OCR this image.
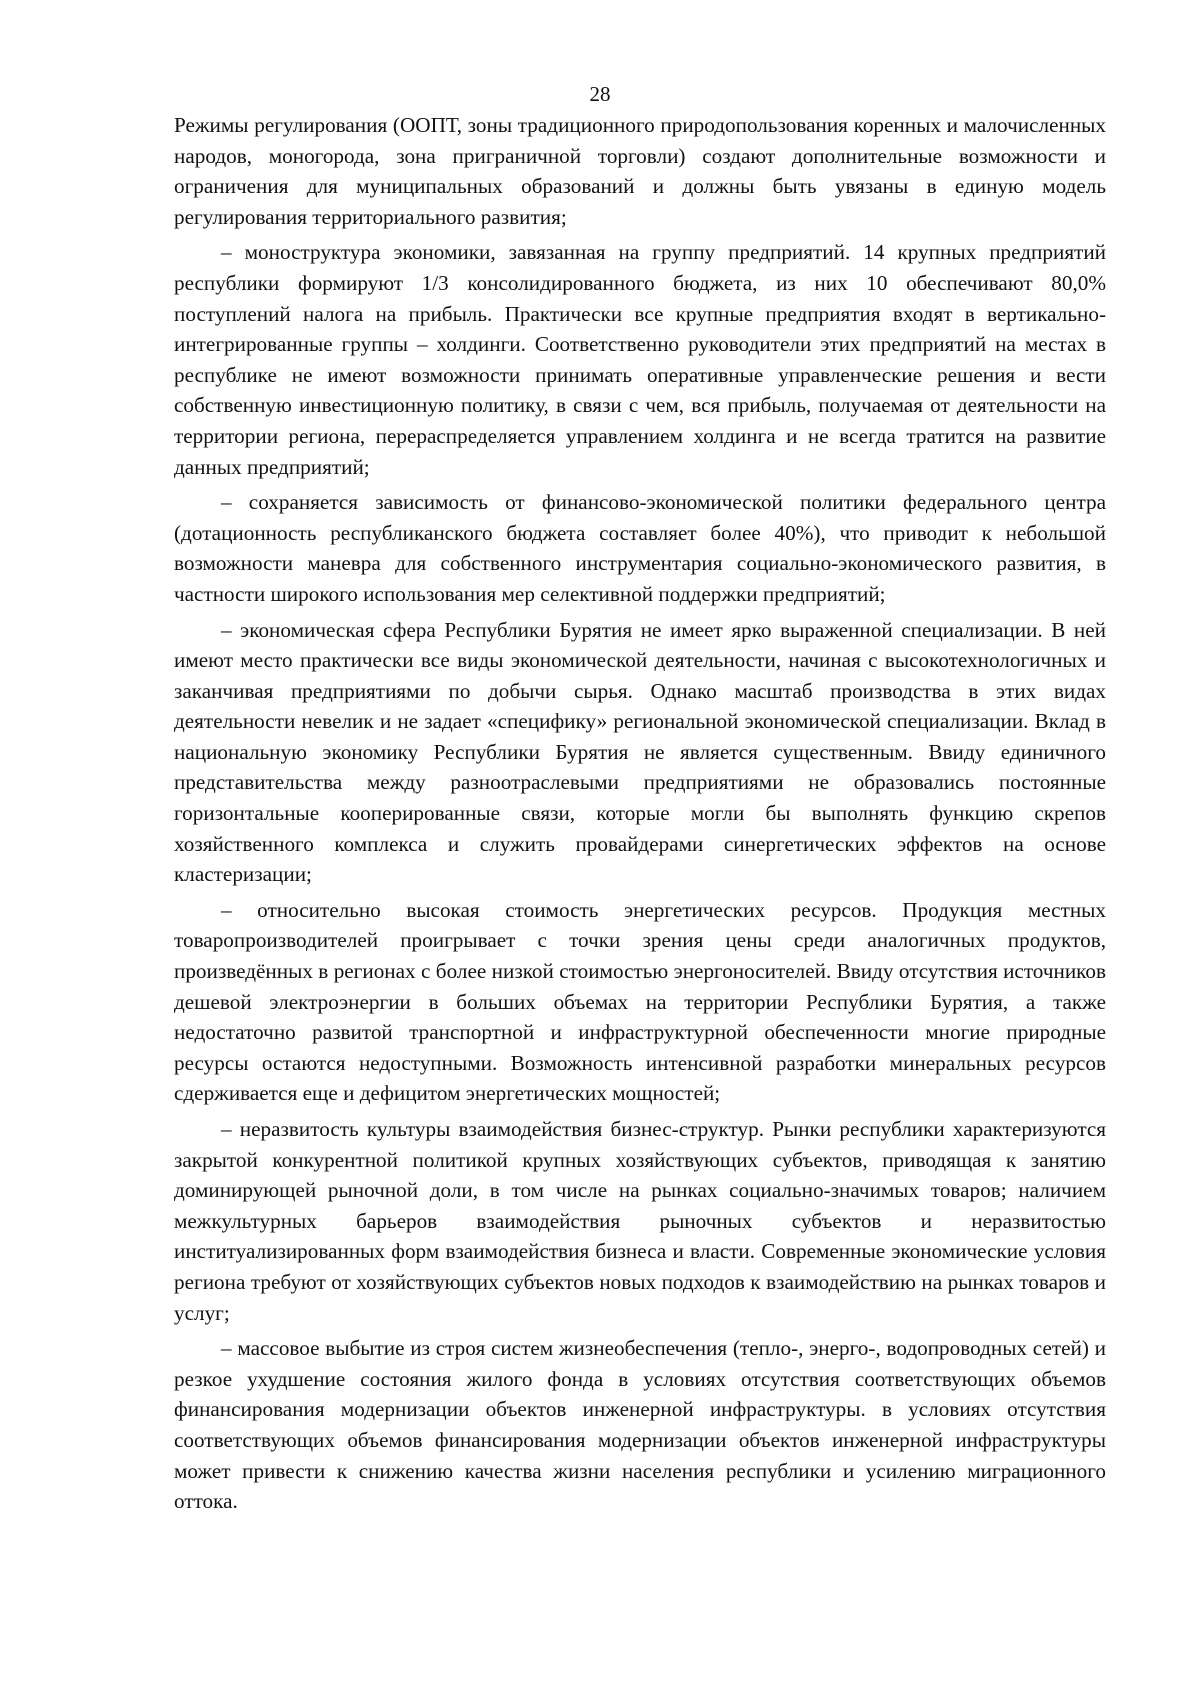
28

Режимы регулирования (ООПТ, зоны традиционного природопользования коренных и малочисленных народов, моногорода, зона приграничной торговли) создают дополнительные возможности и ограничения для муниципальных образований и должны быть увязаны в единую модель регулирования территориального развития;

– моноструктура экономики, завязанная на группу предприятий. 14 крупных предприятий республики формируют 1/3 консолидированного бюджета, из них 10 обеспечивают 80,0% поступлений налога на прибыль. Практически все крупные предприятия входят в вертикально-интегрированные группы – холдинги. Соответственно руководители этих предприятий на местах в республике не имеют возможности принимать оперативные управленческие решения и вести собственную инвестиционную политику, в связи с чем, вся прибыль, получаемая от деятельности на территории региона, перераспределяется управлением холдинга и не всегда тратится на развитие данных предприятий;

– сохраняется зависимость от финансово-экономической политики федерального центра (дотационность республиканского бюджета составляет более 40%), что приводит к небольшой возможности маневра для собственного инструментария социально-экономического развития, в частности широкого использования мер селективной поддержки предприятий;

– экономическая сфера Республики Бурятия не имеет ярко выраженной специализации. В ней имеют место практически все виды экономической деятельности, начиная с высокотехнологичных и заканчивая предприятиями по добычи сырья. Однако масштаб производства в этих видах деятельности невелик и не задает «специфику» региональной экономической специализации. Вклад в национальную экономику Республики Бурятия не является существенным. Ввиду единичного представительства между разноотраслевыми предприятиями не образовались постоянные горизонтальные кооперированные связи, которые могли бы выполнять функцию скрепов хозяйственного комплекса и служить провайдерами синергетических эффектов на основе кластеризации;

– относительно высокая стоимость энергетических ресурсов. Продукция местных товаропроизводителей проигрывает с точки зрения цены среди аналогичных продуктов, произведённых в регионах с более низкой стоимостью энергоносителей. Ввиду отсутствия источников дешевой электроэнергии в больших объемах на территории Республики Бурятия, а также недостаточно развитой транспортной и инфраструктурной обеспеченности многие природные ресурсы остаются недоступными. Возможность интенсивной разработки минеральных ресурсов сдерживается еще и дефицитом энергетических мощностей;

– неразвитость культуры взаимодействия бизнес-структур. Рынки республики характеризуются закрытой конкурентной политикой крупных хозяйствующих субъектов, приводящая к занятию доминирующей рыночной доли, в том числе на рынках социально-значимых товаров; наличием межкультурных барьеров взаимодействия рыночных субъектов и неразвитостью институализированных форм взаимодействия бизнеса и власти. Современные экономические условия региона требуют от хозяйствующих субъектов новых подходов к взаимодействию на рынках товаров и услуг;

– массовое выбытие из строя систем жизнеобеспечения (тепло-, энерго-, водопроводных сетей) и резкое ухудшение состояния жилого фонда в условиях отсутствия соответствующих объемов финансирования модернизации объектов инженерной инфраструктуры. в условиях отсутствия соответствующих объемов финансирования модернизации объектов инженерной инфраструктуры может привести к снижению качества жизни населения республики и усилению миграционного оттока.
